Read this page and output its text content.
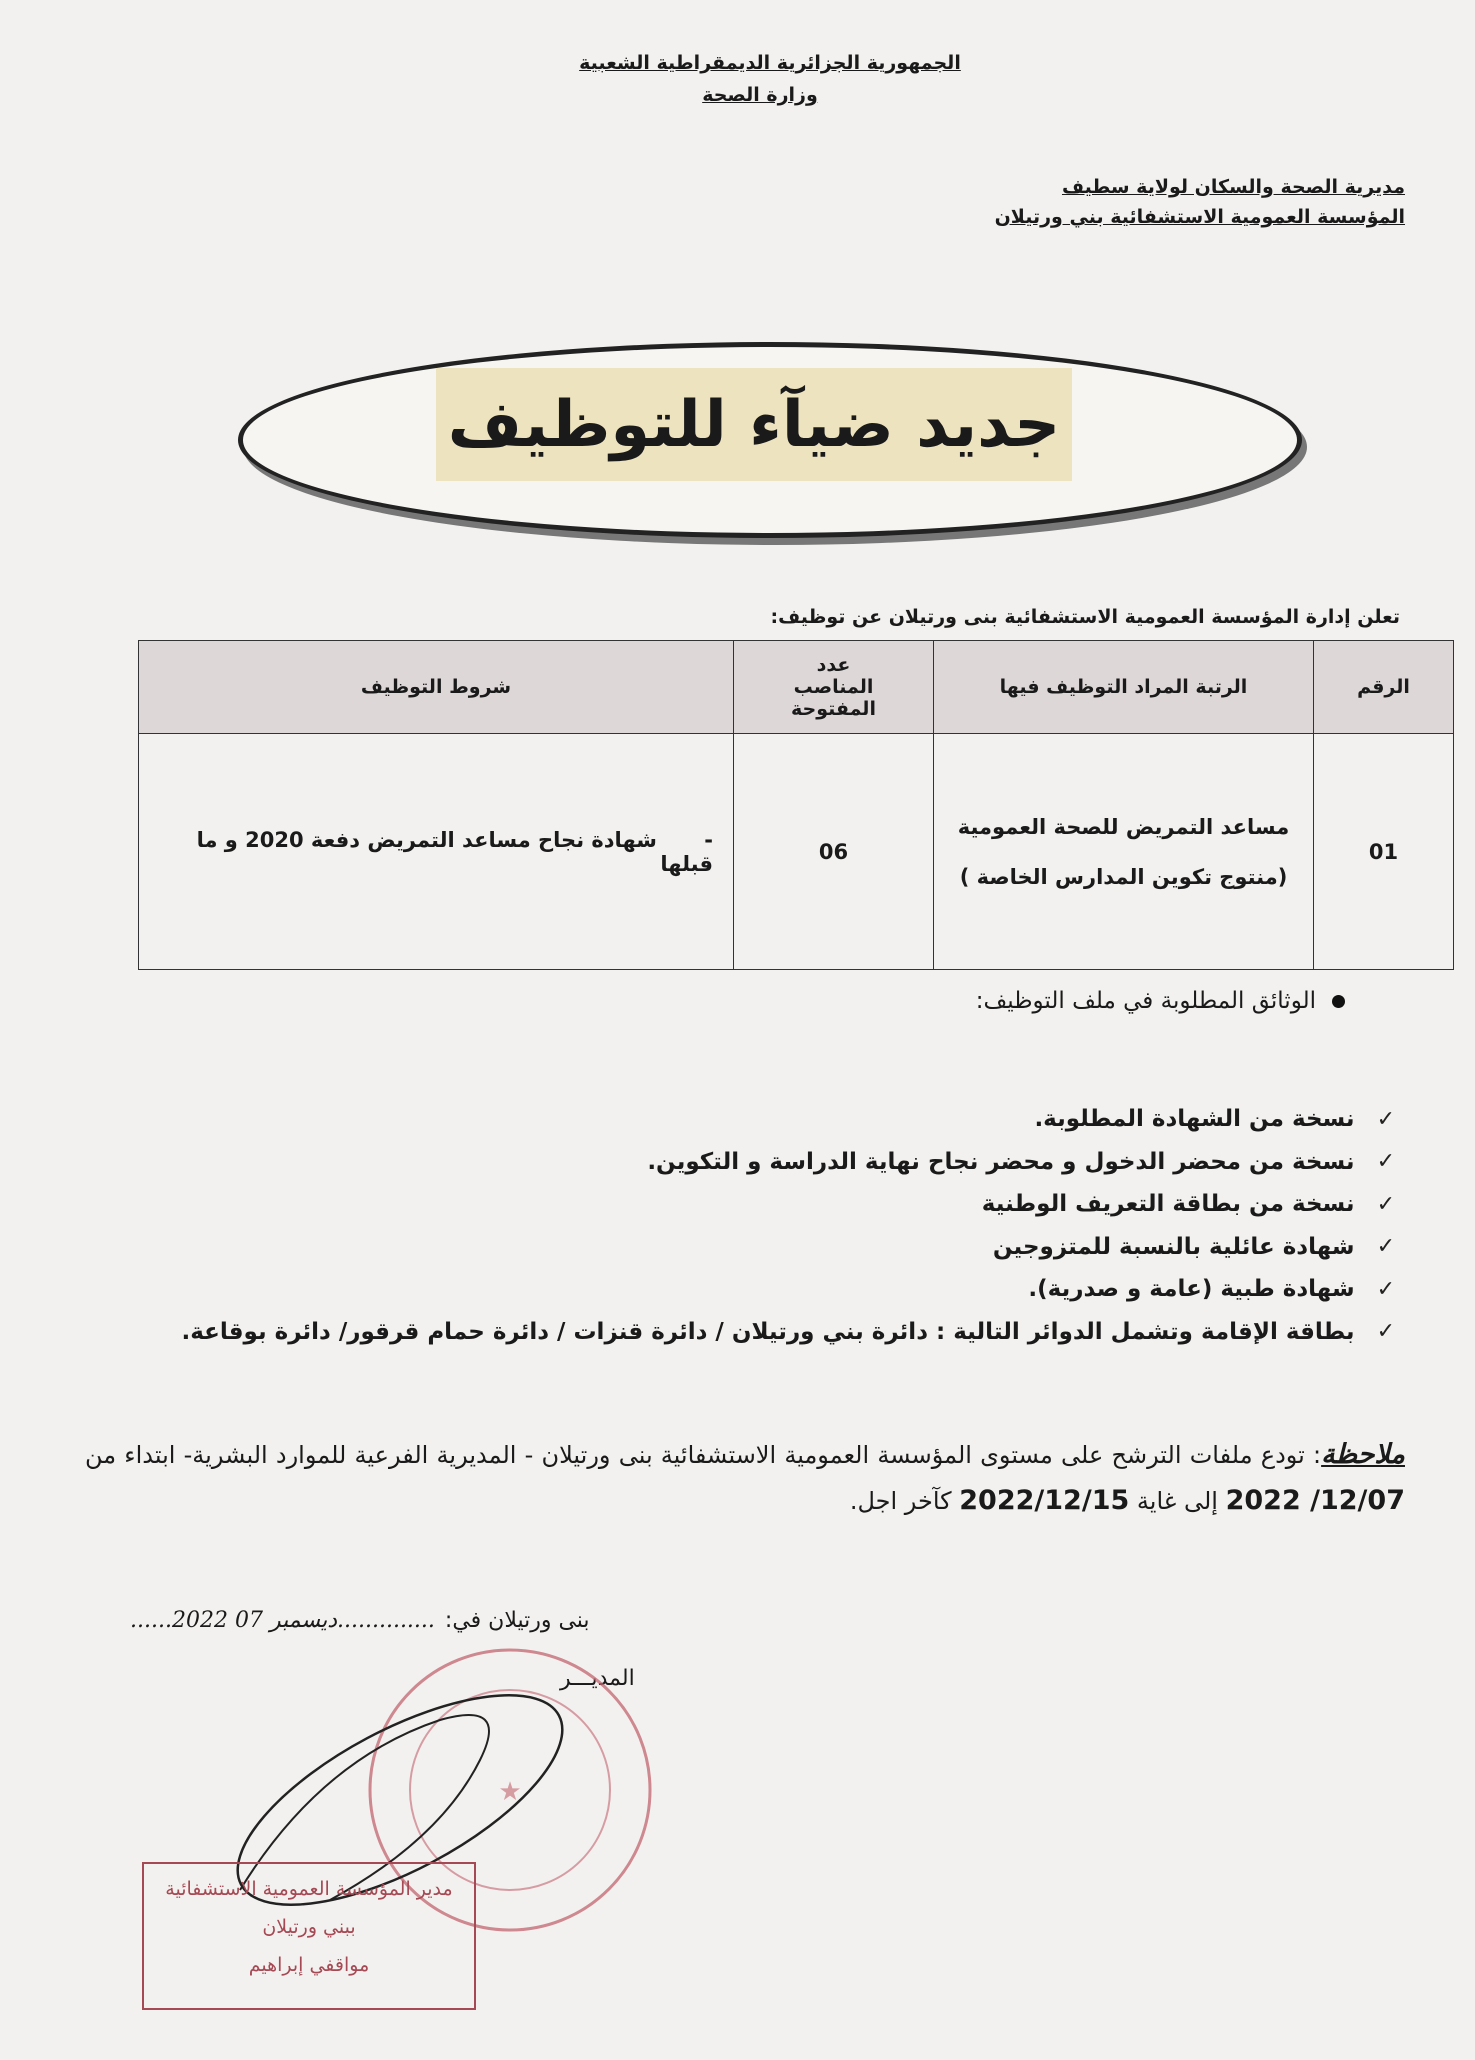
الجمهورية الجزائرية الديمقراطية الشعبية
وزارة الصحة
مديرية الصحة والسكان لولاية سطيف
المؤسسة العمومية الاستشفائية بني ورتيلان
جديد ضيآء للتوظيف
تعلن إدارة المؤسسة العمومية الاستشفائية بنى ورتيلان عن توظيف:
الرقم	الرتبة المراد التوظيف فيها	عدد المناصب المفتوحة	شروط التوظيف
01	مساعد التمريض للصحة العمومية
(منتوج تكوين المدارس الخاصة )	06	- شهادة نجاح مساعد التمريض دفعة 2020 و ما قبلها
الوثائق المطلوبة في ملف التوظيف:
✓
نسخة من الشهادة المطلوبة.
✓
نسخة من محضر الدخول و محضر نجاح نهاية الدراسة و التكوين.
✓
نسخة من بطاقة التعريف الوطنية
✓
شهادة عائلية بالنسبة للمتزوجين
✓
شهادة طبية (عامة و صدرية).
✓
بطاقة الإقامة وتشمل الدوائر التالية : دائرة بني ورتيلان / دائرة قنزات / دائرة حمام قرقور/ دائرة بوقاعة.
ملاحظة: تودع ملفات الترشح على مستوى المؤسسة العمومية الاستشفائية بنى ورتيلان - المديرية الفرعية للموارد البشرية- ابتداء من 2022 /12/07 إلى غاية 2022/12/15 كآخر اجل.
بنى ورتيلان في:
......2022 ديسمبر 07..............
المديـــر
★
مدير المؤسسة العمومية الاستشفائية
ببني ورتيلان
مواقفي إبراهيم
